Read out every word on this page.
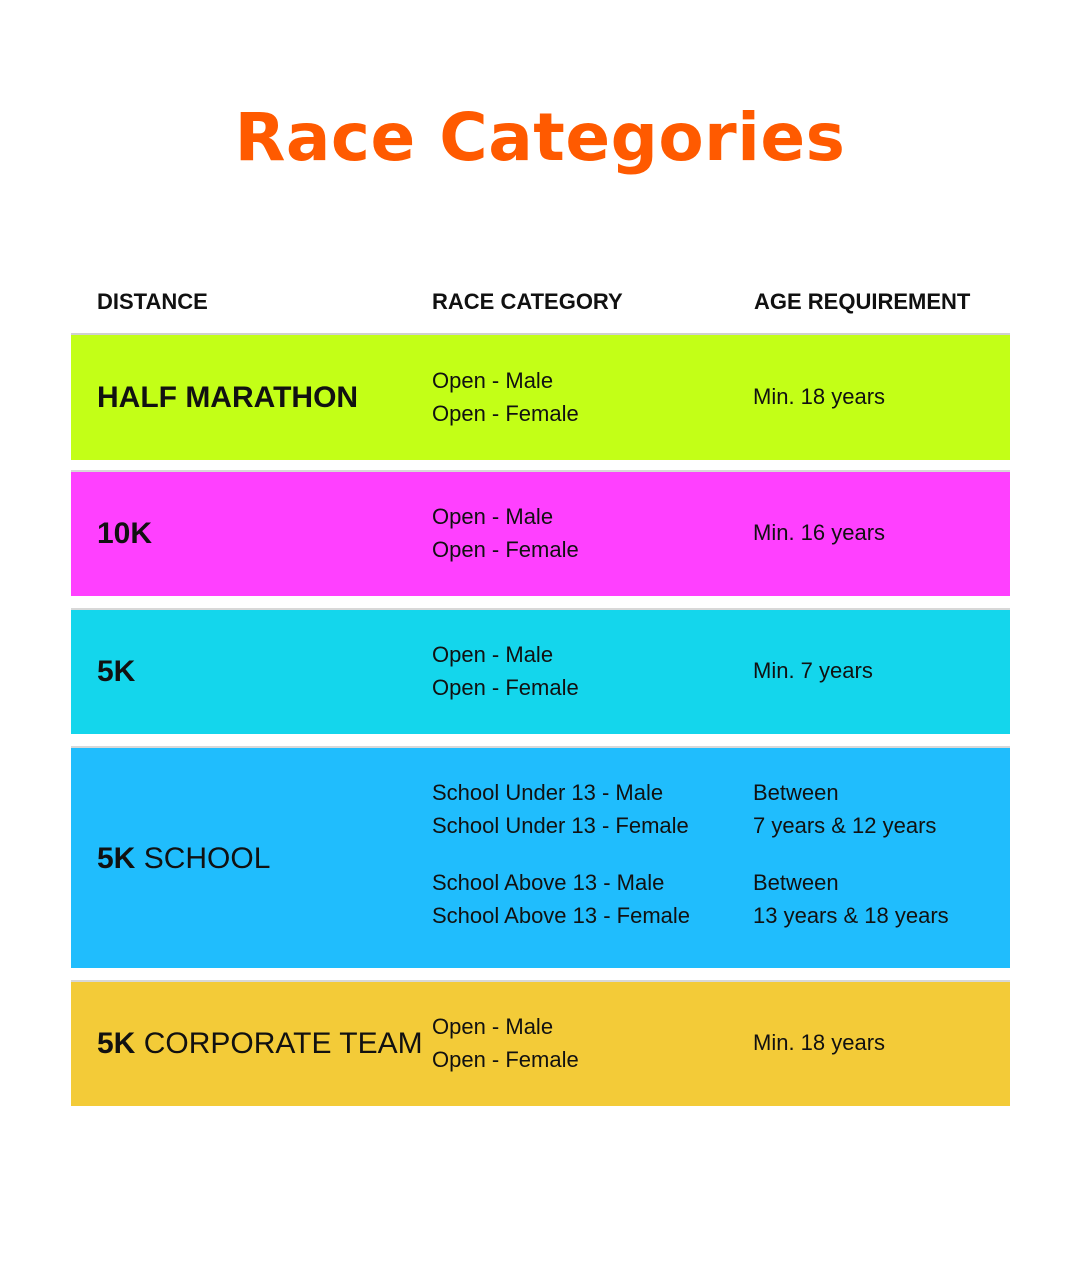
Race Categories
DISTANCE	RACE CATEGORY	AGE REQUIREMENT
HALF MARATHON
Open - Male
Open - Female
Min. 18 years
10K
Open - Male
Open - Female
Min. 16 years
5K
Open - Male
Open - Female
Min. 7 years
5K SCHOOL
School Under 13 - Male
School Under 13 - Female
Between
7 years & 12 years
School Above 13 - Male
School Above 13 - Female
Between
13 years & 18 years
5K CORPORATE TEAM
Open - Male
Open - Female
Min. 18 years
